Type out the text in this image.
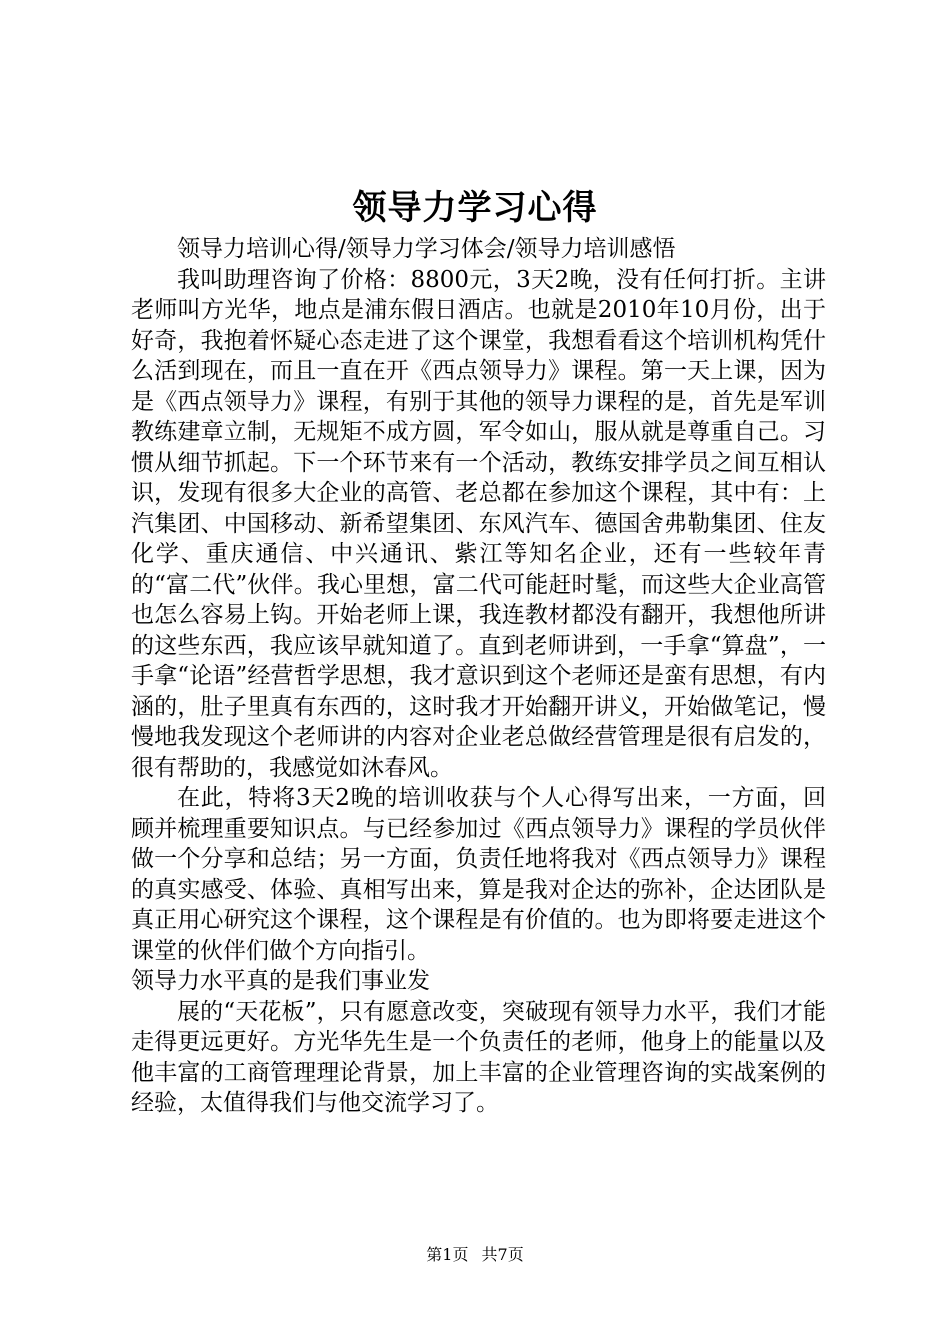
领导力学习心得

领导力培训心得/领导力学习体会/领导力培训感悟

我叫助理咨询了价格：8800元，3天2晚，没有任何打折。主讲老师叫方光华，地点是浦东假日酒店。也就是2010年10月份，出于好奇，我抱着怀疑心态走进了这个课堂，我想看看这个培训机构凭什么活到现在，而且一直在开《西点领导力》课程。第一天上课，因为是《西点领导力》课程，有别于其他的领导力课程的是，首先是军训教练建章立制，无规矩不成方圆，军令如山，服从就是尊重自己。习惯从细节抓起。下一个环节来有一个活动，教练安排学员之间互相认识，发现有很多大企业的高管、老总都在参加这个课程，其中有：上汽集团、中国移动、新希望集团、东风汽车、德国舍弗勒集团、住友化学、重庆通信、中兴通讯、紫江等知名企业，还有一些较年青的“富二代”伙伴。我心里想，富二代可能赶时髦，而这些大企业高管也怎么容易上钩。开始老师上课，我连教材都没有翻开，我想他所讲的这些东西，我应该早就知道了。直到老师讲到，一手拿“算盘”，一手拿“论语”经营哲学思想，我才意识到这个老师还是蛮有思想，有内涵的，肚子里真有东西的，这时我才开始翻开讲义，开始做笔记，慢慢地我发现这个老师讲的内容对企业老总做经营管理是很有启发的，很有帮助的，我感觉如沐春风。

在此，特将3天2晚的培训收获与个人心得写出来，一方面，回顾并梳理重要知识点。与已经参加过《西点领导力》课程的学员伙伴做一个分享和总结；另一方面，负责任地将我对《西点领导力》课程的真实感受、体验、真相写出来，算是我对企达的弥补，企达团队是真正用心研究这个课程，这个课程是有价值的。也为即将要走进这个课堂的伙伴们做个方向指引。

领导力水平真的是我们事业发

展的“天花板”，只有愿意改变，突破现有领导力水平，我们才能走得更远更好。方光华先生是一个负责任的老师，他身上的能量以及他丰富的工商管理理论背景，加上丰富的企业管理咨询的实战案例的经验，太值得我们与他交流学习了。

第1页 共7页
